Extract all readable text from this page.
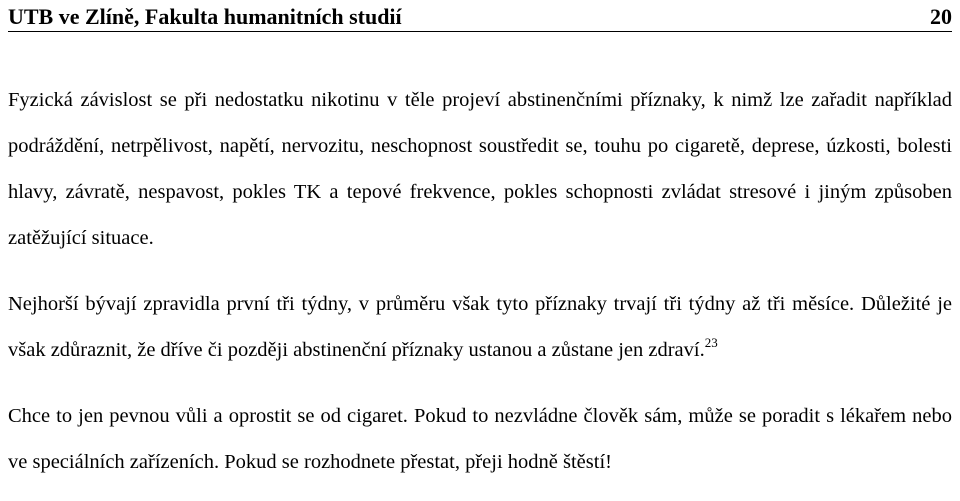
UTB ve Zlíně, Fakulta humanitních studií	20

Fyzická závislost se při nedostatku nikotinu v těle projeví abstinenčními příznaky, k nimž lze zařadit například podráždění, netrpělivost, napětí, nervozitu, neschopnost soustředit se, touhu po cigaretě, deprese, úzkosti, bolesti hlavy, závratě, nespavost, pokles TK a tepové frekvence, pokles schopnosti zvládat stresové i jiným způsoben zatěžující situace.

Nejhorší bývají zpravidla první tři týdny, v průměru však tyto příznaky trvají tři týdny až tři měsíce. Důležité je však zdůraznit, že dříve či později abstinenční příznaky ustanou a zůstane jen zdraví.$^{23}$

Chce to jen pevnou vůli a oprostit se od cigaret. Pokud to nezvládne člověk sám, může se poradit s lékařem nebo ve speciálních zařízeních. Pokud se rozhodnete přestat, přeji hodně štěstí!
